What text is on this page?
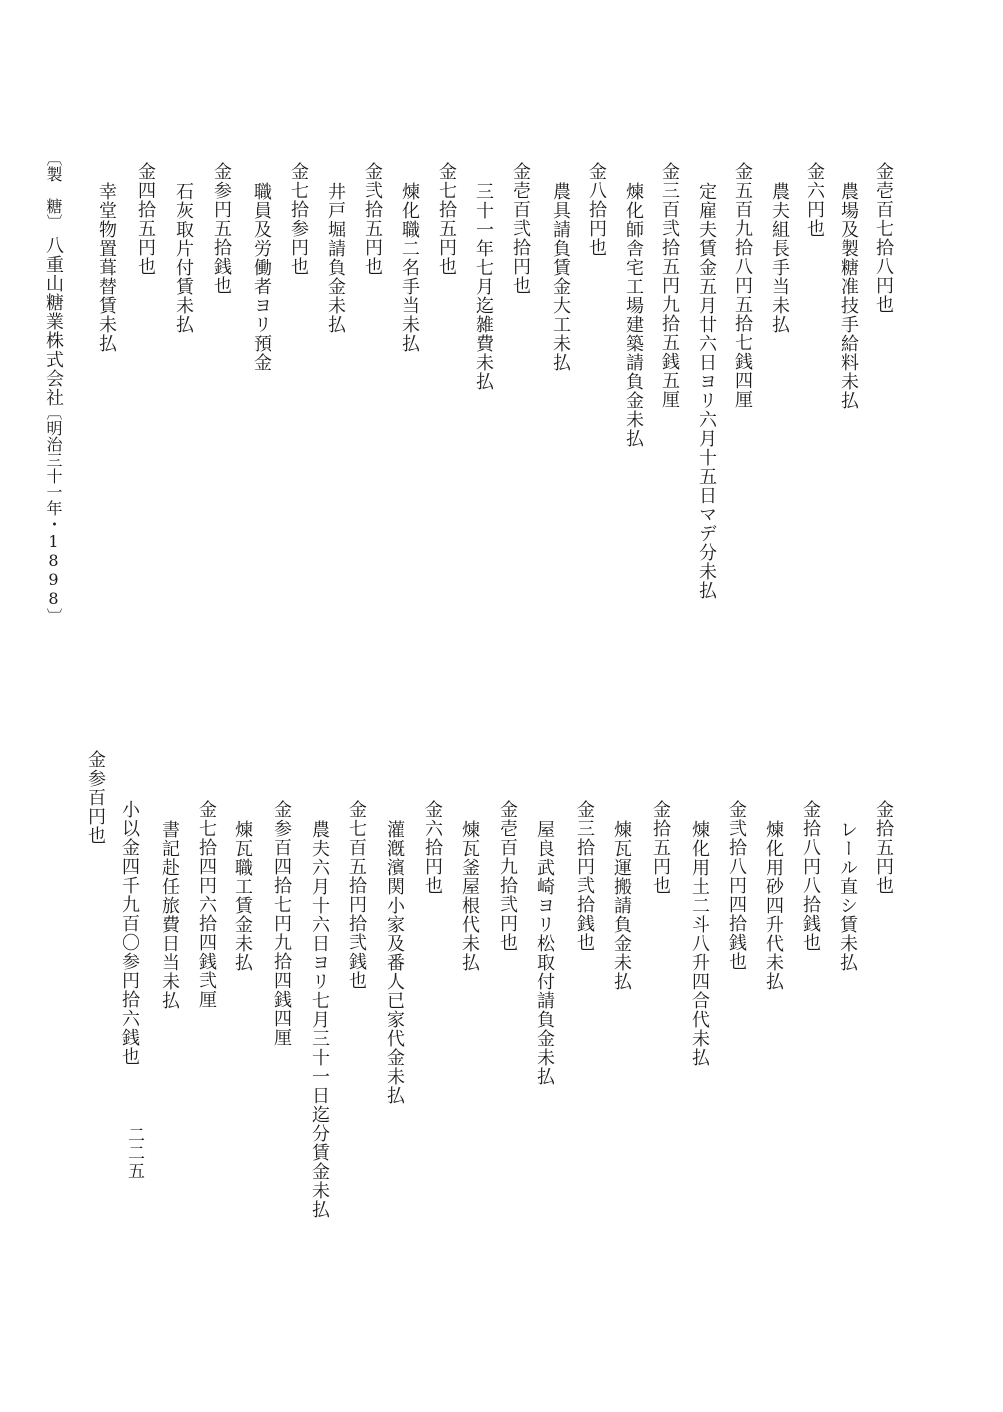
金壱百七拾八円也
農場及製糖准技手給料未払
金六円也
農夫組長手当未払
金五百九拾八円五拾七銭四厘
定雇夫賃金五月廿六日ヨリ六月十五日マデ分未払
金三百弐拾五円九拾五銭五厘
煉化師舎宅工場建築請負金未払
金八拾円也
農具請負賃金大工未払
金壱百弐拾円也
三十一年七月迄雑費未払
金七拾五円也
煉化職二名手当未払
金弐拾五円也
井戸堀請負金未払
金七拾参円也
職員及労働者ヨリ預金
金参円五拾銭也
石灰取片付賃未払
金四拾五円也
幸堂物置葺替賃未払
〔製　糖〕
八重山糖業株式会社
〔明治三十一年・1898〕
金拾五円也
レール直シ賃未払
金拾八円八拾銭也
煉化用砂四升代未払
金弐拾八円四拾銭也
煉化用土二斗八升四合代未払
金拾五円也
煉瓦運搬請負金未払
金三拾円弐拾銭也
屋良武崎ヨリ松取付請負金未払
金壱百九拾弐円也
煉瓦釜屋根代未払
金六拾円也
灌漑濱関小家及番人已家代金未払
金七百五拾円拾弐銭也
農夫六月十六日ヨリ七月三十一日迄分賃金未払
金参百四拾七円九拾四銭四厘
煉瓦職工賃金未払
金七拾四円六拾四銭弐厘
書記赴任旅費日当未払
小以金四千九百〇参円拾六銭也
金参百円也
二二五
